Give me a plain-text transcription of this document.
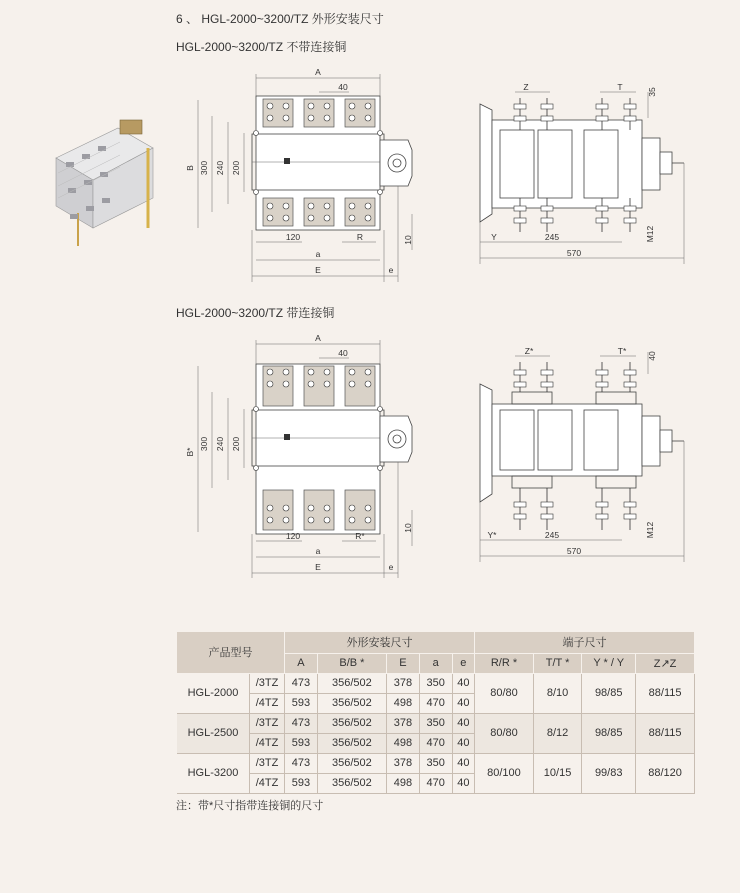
6 、 HGL-2000~3200/TZ 外形安装尺寸
HGL-2000~3200/TZ 不带连接铜
HGL-2000~3200/TZ 带连接铜
A
40
B 300 240 200
120	R
a
E	e
10
Z	T	35
Y	245
570
M12
A
40
B*
300 240 200
120	R*
a
E	e
10
Z*	T* 40
Y*	245
570
M12
产品型号		外形安装尺寸					端子尺寸			
		A	B/B *	E	a	e	R/R *	T/T *	Y * / Y	Z↗Z
HGL-2000	/3TZ	473	356/502	378	350	40	80/80	8/10	98/85	88/115
	/4TZ	593	356/502	498	470	40				
HGL-2500	/3TZ	473	356/502	378	350	40	80/80	8/12	98/85	88/115
	/4TZ	593	356/502	498	470	40				
HGL-3200	/3TZ	473	356/502	378	350	40	80/100	10/15	99/83	88/120
	/4TZ	593	356/502	498	470	40				
注：带*尺寸指带连接铜的尺寸
